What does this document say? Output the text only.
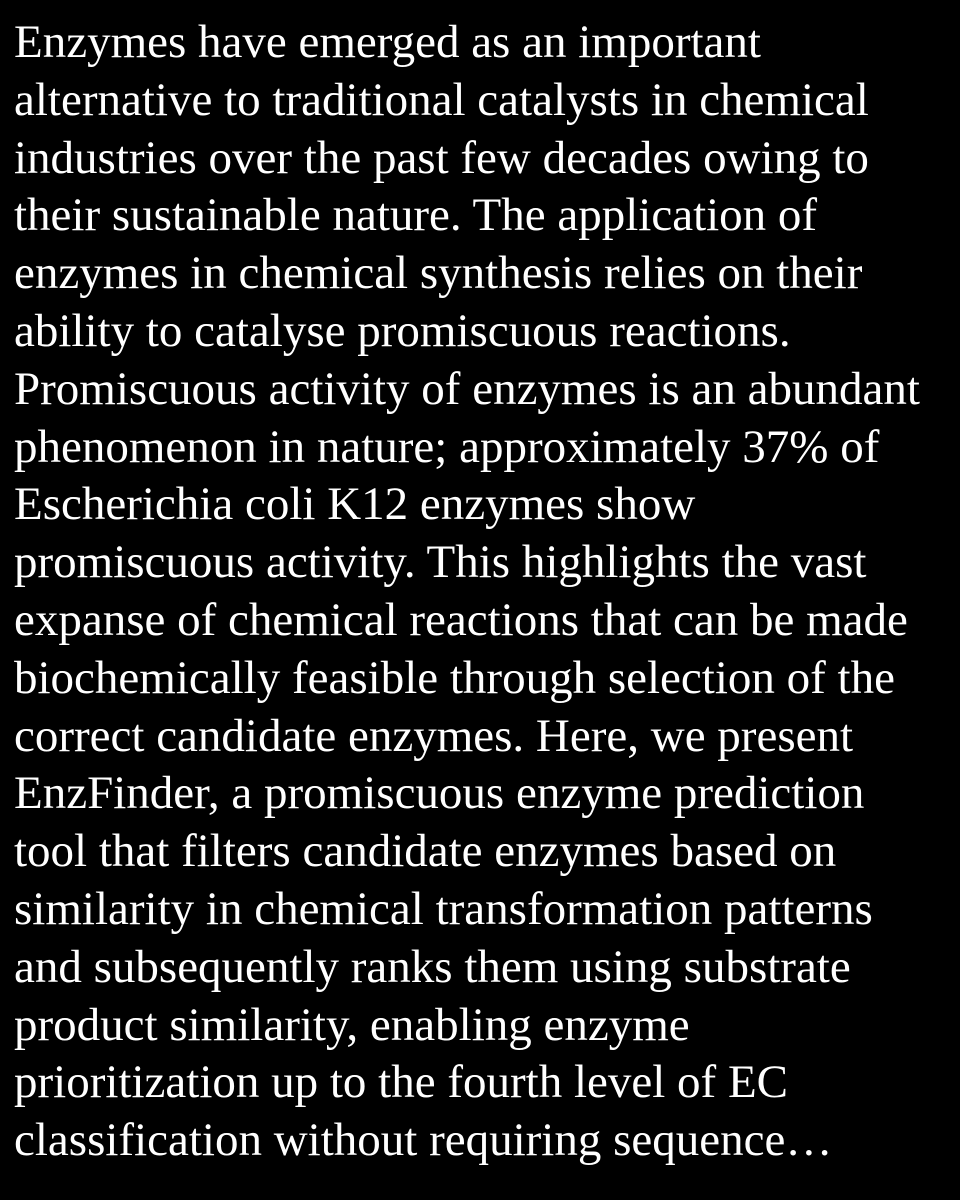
Enzymes have emerged as an important
alternative to traditional catalysts in chemical
industries over the past few decades owing to
their sustainable nature. The application of
enzymes in chemical synthesis relies on their
ability to catalyse promiscuous reactions.
Promiscuous activity of enzymes is an abundant
phenomenon in nature; approximately 37% of
Escherichia coli K12 enzymes show
promiscuous activity. This highlights the vast
expanse of chemical reactions that can be made
biochemically feasible through selection of the
correct candidate enzymes. Here, we present
EnzFinder, a promiscuous enzyme prediction
tool that filters candidate enzymes based on
similarity in chemical transformation patterns
and subsequently ranks them using substrate
product similarity, enabling enzyme
prioritization up to the fourth level of EC
classification without requiring sequence…
